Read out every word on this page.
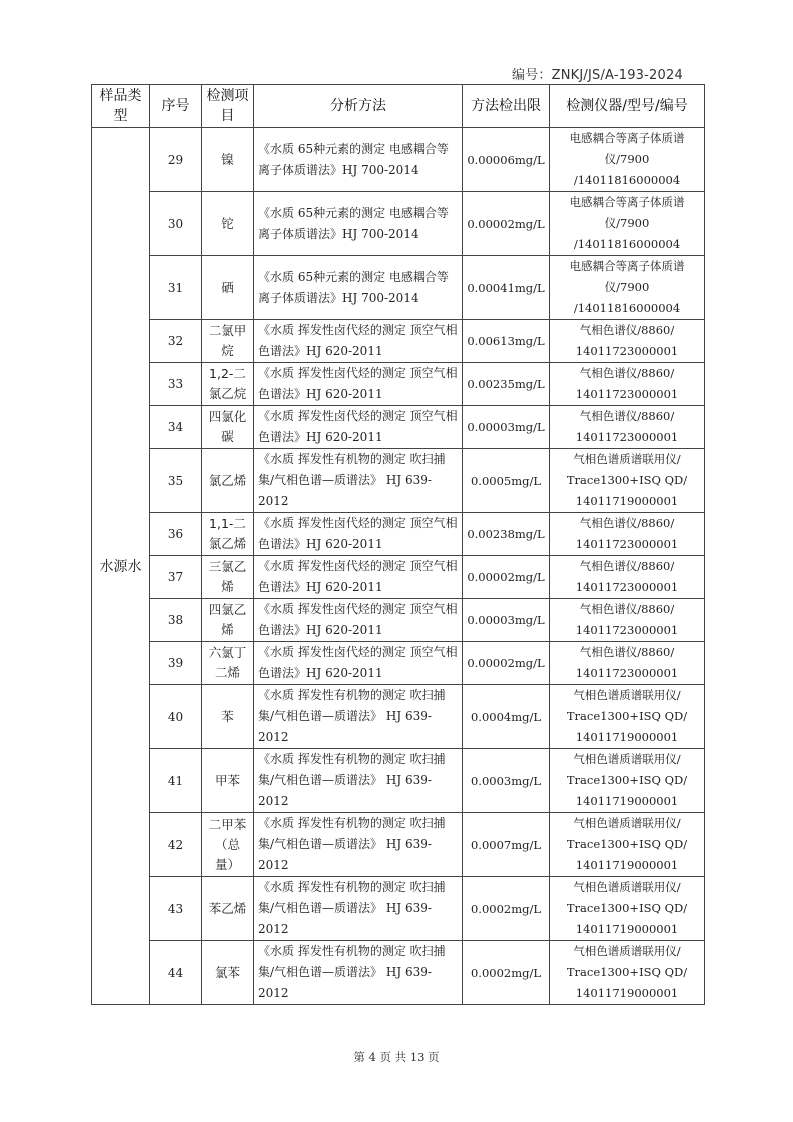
编号：ZNKJ/JS/A-193-2024
样品类型	序号	检测项目	分析方法	方法检出限	检测仪器/型号/编号
水源水	29	镍	《水质 65种元素的测定 电感耦合等离子体质谱法》HJ 700-2014	0.00006mg/L	电感耦合等离子体质谱仪/7900 /14011816000004
	30	铊	《水质 65种元素的测定 电感耦合等离子体质谱法》HJ 700-2014	0.00002mg/L	电感耦合等离子体质谱仪/7900 /14011816000004
	31	硒	《水质 65种元素的测定 电感耦合等离子体质谱法》HJ 700-2014	0.00041mg/L	电感耦合等离子体质谱仪/7900 /14011816000004
	32	二氯甲烷	《水质 挥发性卤代烃的测定 顶空气相色谱法》HJ 620-2011	0.00613mg/L	气相色谱仪/8860/ 14011723000001
	33	1,2-二氯乙烷	《水质 挥发性卤代烃的测定 顶空气相色谱法》HJ 620-2011	0.00235mg/L	气相色谱仪/8860/ 14011723000001
	34	四氯化碳	《水质 挥发性卤代烃的测定 顶空气相色谱法》HJ 620-2011	0.00003mg/L	气相色谱仪/8860/ 14011723000001
	35	氯乙烯	《水质 挥发性有机物的测定 吹扫捕集/气相色谱—质谱法》 HJ 639-2012	0.0005mg/L	气相色谱质谱联用仪/ Trace1300+ISQ QD/ 14011719000001
	36	1,1-二氯乙烯	《水质 挥发性卤代烃的测定 顶空气相色谱法》HJ 620-2011	0.00238mg/L	气相色谱仪/8860/ 14011723000001
	37	三氯乙烯	《水质 挥发性卤代烃的测定 顶空气相色谱法》HJ 620-2011	0.00002mg/L	气相色谱仪/8860/ 14011723000001
	38	四氯乙烯	《水质 挥发性卤代烃的测定 顶空气相色谱法》HJ 620-2011	0.00003mg/L	气相色谱仪/8860/ 14011723000001
	39	六氯丁二烯	《水质 挥发性卤代烃的测定 顶空气相色谱法》HJ 620-2011	0.00002mg/L	气相色谱仪/8860/ 14011723000001
	40	苯	《水质 挥发性有机物的测定 吹扫捕集/气相色谱—质谱法》 HJ 639-2012	0.0004mg/L	气相色谱质谱联用仪/ Trace1300+ISQ QD/ 14011719000001
	41	甲苯	《水质 挥发性有机物的测定 吹扫捕集/气相色谱—质谱法》 HJ 639-2012	0.0003mg/L	气相色谱质谱联用仪/ Trace1300+ISQ QD/ 14011719000001
	42	二甲苯（总量）	《水质 挥发性有机物的测定 吹扫捕集/气相色谱—质谱法》 HJ 639-2012	0.0007mg/L	气相色谱质谱联用仪/ Trace1300+ISQ QD/ 14011719000001
	43	苯乙烯	《水质 挥发性有机物的测定 吹扫捕集/气相色谱—质谱法》 HJ 639-2012	0.0002mg/L	气相色谱质谱联用仪/ Trace1300+ISQ QD/ 14011719000001
	44	氯苯	《水质 挥发性有机物的测定 吹扫捕集/气相色谱—质谱法》 HJ 639-2012	0.0002mg/L	气相色谱质谱联用仪/ Trace1300+ISQ QD/ 14011719000001
第 4 页 共 13 页
